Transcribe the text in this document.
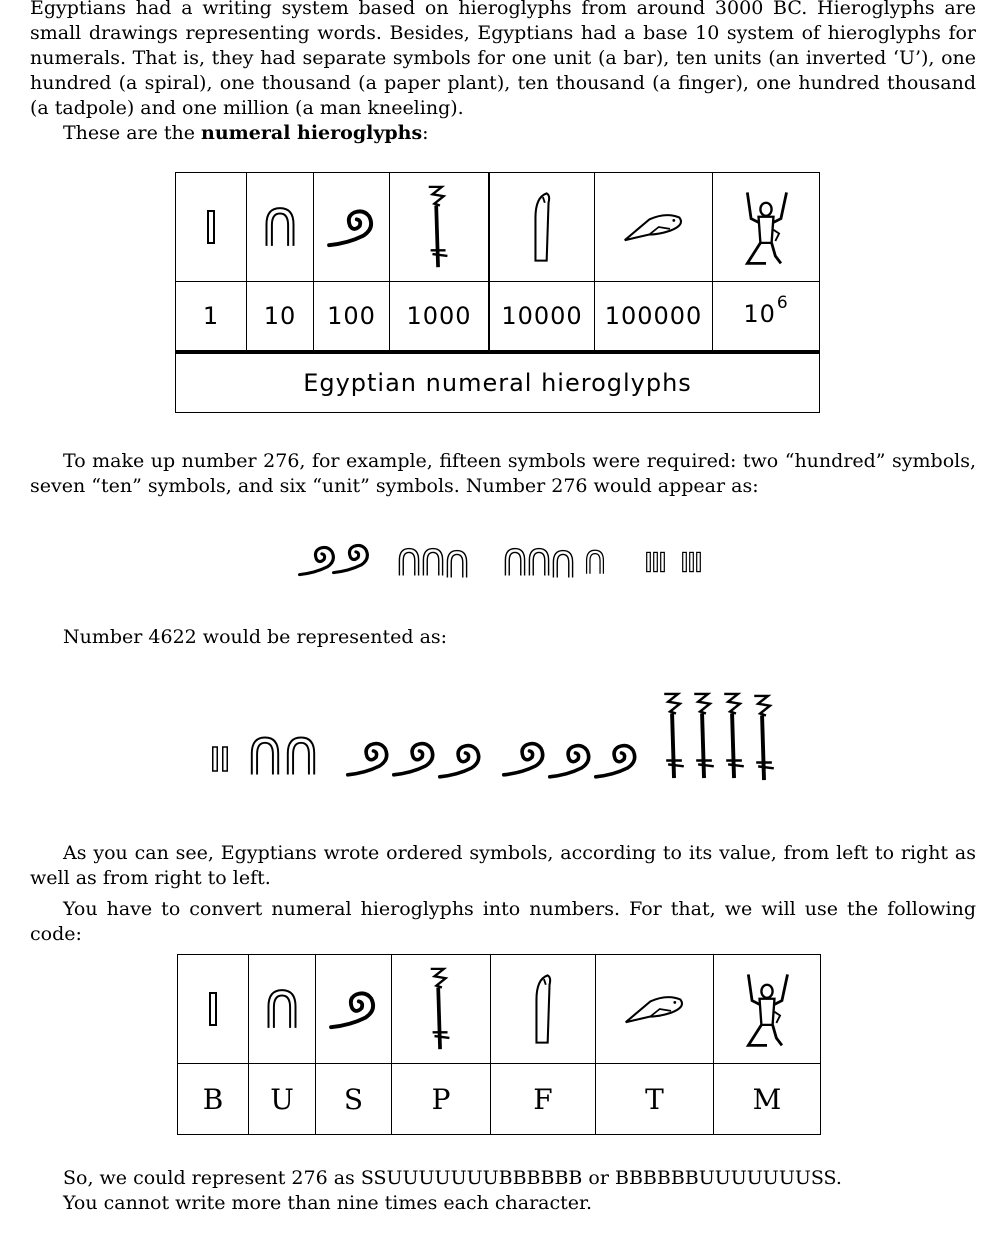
Egyptians had a writing system based on hieroglyphs from around 3000 BC. Hieroglyphs are small drawings representing words. Besides, Egyptians had a base 10 system of hieroglyphs for numerals. That is, they had separate symbols for one unit (a bar), ten units (an inverted ‘U’), one hundred (a spiral), one thousand (a paper plant), ten thousand (a finger), one hundred thousand (a tadpole) and one million (a man kneeling).

These are the numeral hieroglyphs:

1	10	100	1000	10000	100000	$10^6$
Egyptian numeral hieroglyphs						

To make up number 276, for example, fifteen symbols were required: two “hundred” symbols, seven “ten” symbols, and six “unit” symbols. Number 276 would appear as:

Number 4622 would be represented as:

As you can see, Egyptians wrote ordered symbols, according to its value, from left to right as well as from right to left.

You have to convert numeral hieroglyphs into numbers. For that, we will use the following code:

B	U	S	P	F	T	M

So, we could represent 276 as SSUUUUUUUBBBBBB or BBBBBBUUUUUUUSS.

You cannot write more than nine times each character.
